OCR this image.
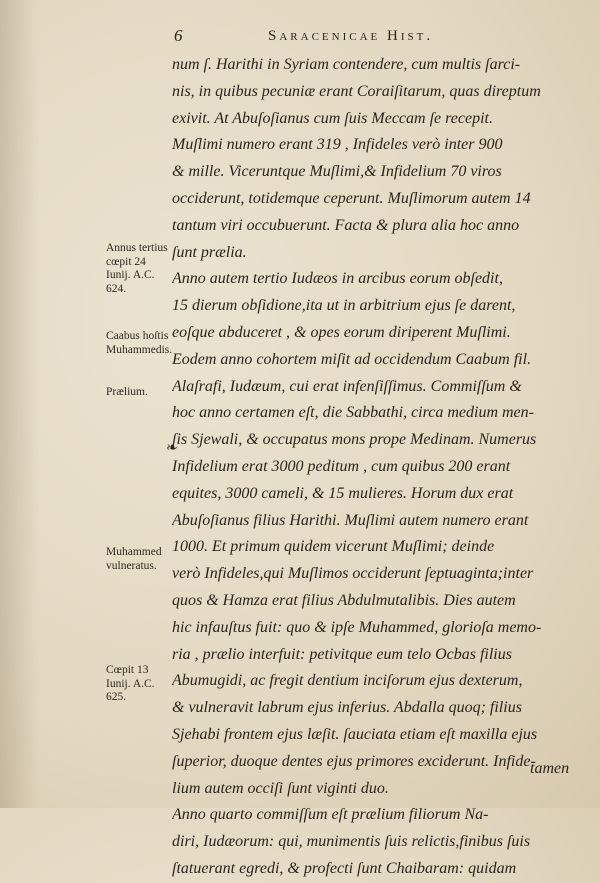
6	Saracenicae Hist.
num ſ. Harithi in Syriam contendere, cum multis ſarci-
nis, in quibus pecuniæ erant Coraiſitarum, quas direptum
exivit. At Abuſoſianus cum ſuis Meccam ſe recepit.
Muſlimi numero erant 319 , Infideles verò inter 900
& mille. Viceruntque Muſlimi,& Infidelium 70 viros
occiderunt, totidemque ceperunt. Muſlimorum autem 14
tantum viri occubuerunt. Facta & plura alia hoc anno
ſunt prælia.
Anno autem tertio Iudæos in arcibus eorum obſedit,
15 dierum obſidione,ita ut in arbitrium ejus ſe darent,
eoſque abduceret , & opes eorum diriperent Muſlimi.
Eodem anno cohortem miſit ad occidendum Caabum fil.
Alaſrafi, Iudæum, cui erat infenſiſſimus. Commiſſum &
hoc anno certamen eſt, die Sabbathi, circa medium men-
ſis Sjewali, & occupatus mons prope Medinam. Numerus
Infidelium erat 3000 peditum , cum quibus 200 erant
equites, 3000 cameli, & 15 mulieres. Horum dux erat
Abuſoſianus filius Harithi. Muſlimi autem numero erant
1000. Et primum quidem vicerunt Muſlimi; deinde
verò Infideles,qui Muſlimos occiderunt ſeptuaginta;inter
quos & Hamza erat filius Abdulmutalibis. Dies autem
hic infauſtus fuit: quo & ipſe Muhammed, glorioſa memo-
ria , prælio interfuit: petivitque eum telo Ocbas filius
Abumugidi, ac fregit dentium inciſorum ejus dexterum,
& vulneravit labrum ejus inferius. Abdalla quoq; filius
Sjehabi frontem ejus læſit. ſauciata etiam eſt maxilla ejus
ſuperior, duoque dentes ejus primores exciderunt. Infide-
lium autem occiſi ſunt viginti duo.
Anno quarto commiſſum eſt prælium filiorum Na-
diri, Iudæorum: qui, munimentis ſuis relictis,finibus ſuis
ſtatuerant egredi, & profecti ſunt Chaibaram: quidam
tamen
Annus tertius cœpit 24 Iunij. A.C. 624.
Caabus hoſtis Muhammedis.
Prælium.
Muhammed vulneratus.
Cœpit 13 Iunij. A.C. 625.
❧
